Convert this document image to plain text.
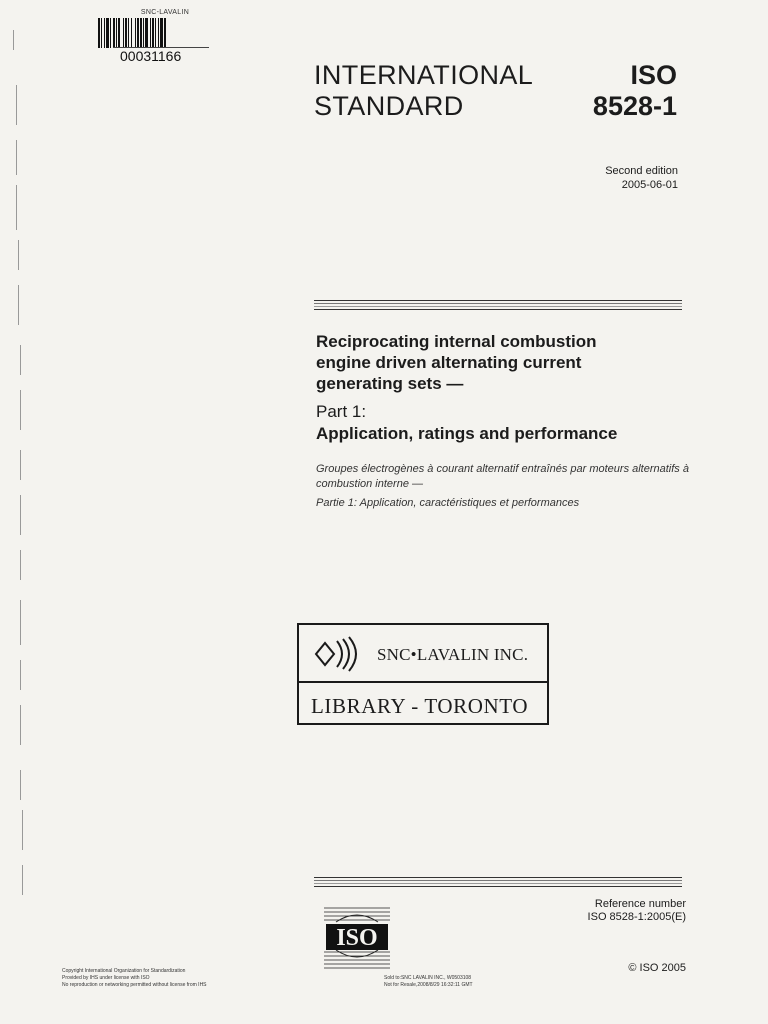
SNC-LAVALIN
00031166
INTERNATIONAL
STANDARD
ISO
8528-1
Second edition
2005-06-01
Reciprocating internal combustion engine driven alternating current generating sets —
Part 1:
Application, ratings and performance
Groupes électrogènes à courant alternatif entraînés par moteurs alternatifs à combustion interne —
Partie 1: Application, caractéristiques et performances
SNC•LAVALIN INC.
LIBRARY - TORONTO
ISO
Reference number
ISO 8528-1:2005(E)
© ISO 2005
Copyright International Organization for Standardization
Provided by IHS under license with ISO
No reproduction or networking permitted without license from IHS
Sold to:SNC LAVALIN INC., W0503108
Not for Resale,2008/8/29 16:32:11 GMT
